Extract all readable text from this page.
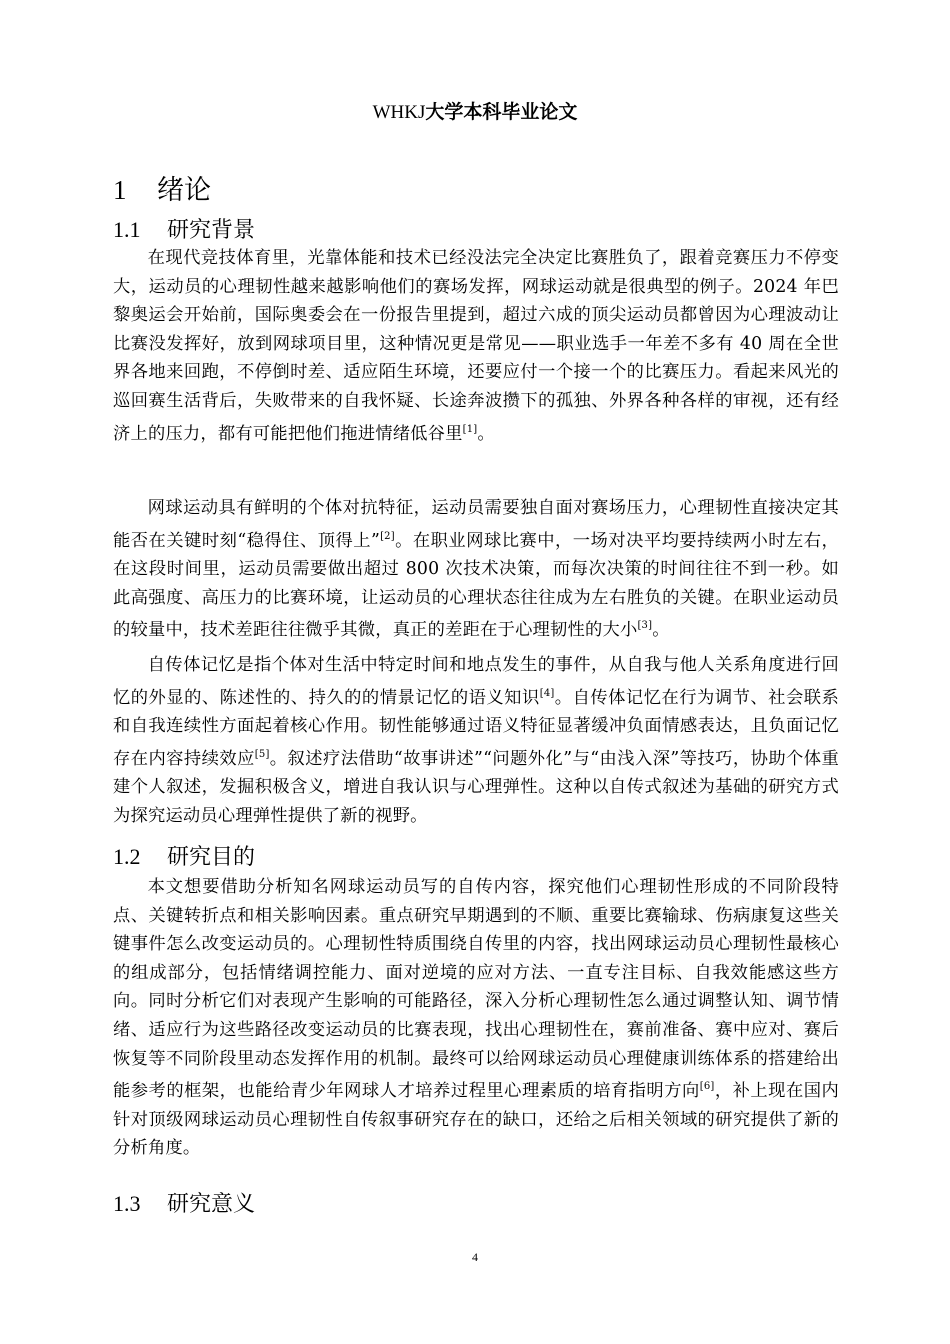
WHKJ大学本科毕业论文
1 绪论
1.1 研究背景

在现代竞技体育里，光靠体能和技术已经没法完全决定比赛胜负了，跟着竞赛压力不停变大，运动员的心理韧性越来越影响他们的赛场发挥，网球运动就是很典型的例子。2024 年巴黎奥运会开始前，国际奥委会在一份报告里提到，超过六成的顶尖运动员都曾因为心理波动让比赛没发挥好，放到网球项目里，这种情况更是常见——职业选手一年差不多有 40 周在全世界各地来回跑，不停倒时差、适应陌生环境，还要应付一个接一个的比赛压力。看起来风光的巡回赛生活背后，失败带来的自我怀疑、长途奔波攒下的孤独、外界各种各样的审视，还有经济上的压力，都有可能把他们拖进情绪低谷里[1]。

网球运动具有鲜明的个体对抗特征，运动员需要独自面对赛场压力，心理韧性直接决定其能否在关键时刻“稳得住、顶得上”[2]。在职业网球比赛中，一场对决平均要持续两小时左右，在这段时间里，运动员需要做出超过 800 次技术决策，而每次决策的时间往往不到一秒。如此高强度、高压力的比赛环境，让运动员的心理状态往往成为左右胜负的关键。在职业运动员的较量中，技术差距往往微乎其微，真正的差距在于心理韧性的大小[3]。

自传体记忆是指个体对生活中特定时间和地点发生的事件，从自我与他人关系角度进行回忆的外显的、陈述性的、持久的的情景记忆的语义知识[4]。自传体记忆在行为调节、社会联系和自我连续性方面起着核心作用。韧性能够通过语义特征显著缓冲负面情感表达，且负面记忆存在内容持续效应[5]。叙述疗法借助“故事讲述”“问题外化”与“由浅入深”等技巧，协助个体重建个人叙述，发掘积极含义，增进自我认识与心理弹性。这种以自传式叙述为基础的研究方式为探究运动员心理弹性提供了新的视野。

1.2 研究目的

本文想要借助分析知名网球运动员写的自传内容，探究他们心理韧性形成的不同阶段特点、关键转折点和相关影响因素。重点研究早期遇到的不顺、重要比赛输球、伤病康复这些关键事件怎么改变运动员的。心理韧性特质围绕自传里的内容，找出网球运动员心理韧性最核心的组成部分，包括情绪调控能力、面对逆境的应对方法、一直专注目标、自我效能感这些方向。同时分析它们对表现产生影响的可能路径，深入分析心理韧性怎么通过调整认知、调节情绪、适应行为这些路径改变运动员的比赛表现，找出心理韧性在，赛前准备、赛中应对、赛后恢复等不同阶段里动态发挥作用的机制。最终可以给网球运动员心理健康训练体系的搭建给出能参考的框架，也能给青少年网球人才培养过程里心理素质的培育指明方向[6]，补上现在国内针对顶级网球运动员心理韧性自传叙事研究存在的缺口，还给之后相关领域的研究提供了新的分析角度。

1.3 研究意义
4
